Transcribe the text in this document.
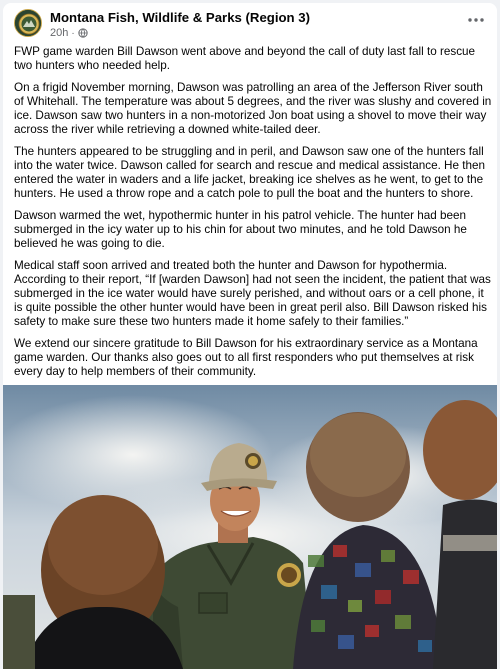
Montana Fish, Wildlife & Parks (Region 3)
20h ·

FWP game warden Bill Dawson went above and beyond the call of duty last fall to rescue two hunters who needed help.

On a frigid November morning, Dawson was patrolling an area of the Jefferson River south of Whitehall. The temperature was about 5 degrees, and the river was slushy and covered in ice. Dawson saw two hunters in a non-motorized Jon boat using a shovel to move their way across the river while retrieving a downed white-tailed deer.

The hunters appeared to be struggling and in peril, and Dawson saw one of the hunters fall into the water twice. Dawson called for search and rescue and medical assistance. He then entered the water in waders and a life jacket, breaking ice shelves as he went, to get to the hunters. He used a throw rope and a catch pole to pull the boat and the hunters to shore.

Dawson warmed the wet, hypothermic hunter in his patrol vehicle. The hunter had been submerged in the icy water up to his chin for about two minutes, and he told Dawson he believed he was going to die.

Medical staff soon arrived and treated both the hunter and Dawson for hypothermia. According to their report, “If [warden Dawson] had not seen the incident, the patient that was submerged in the ice water would have surely perished, and without oars or a cell phone, it is quite possible the other hunter would have been in great peril also. Bill Dawson risked his safety to make sure these two hunters made it home safely to their families.”

We extend our sincere gratitude to Bill Dawson for his extraordinary service as a Montana game warden. Our thanks also goes out to all first responders who put themselves at risk every day to help members of their community.
